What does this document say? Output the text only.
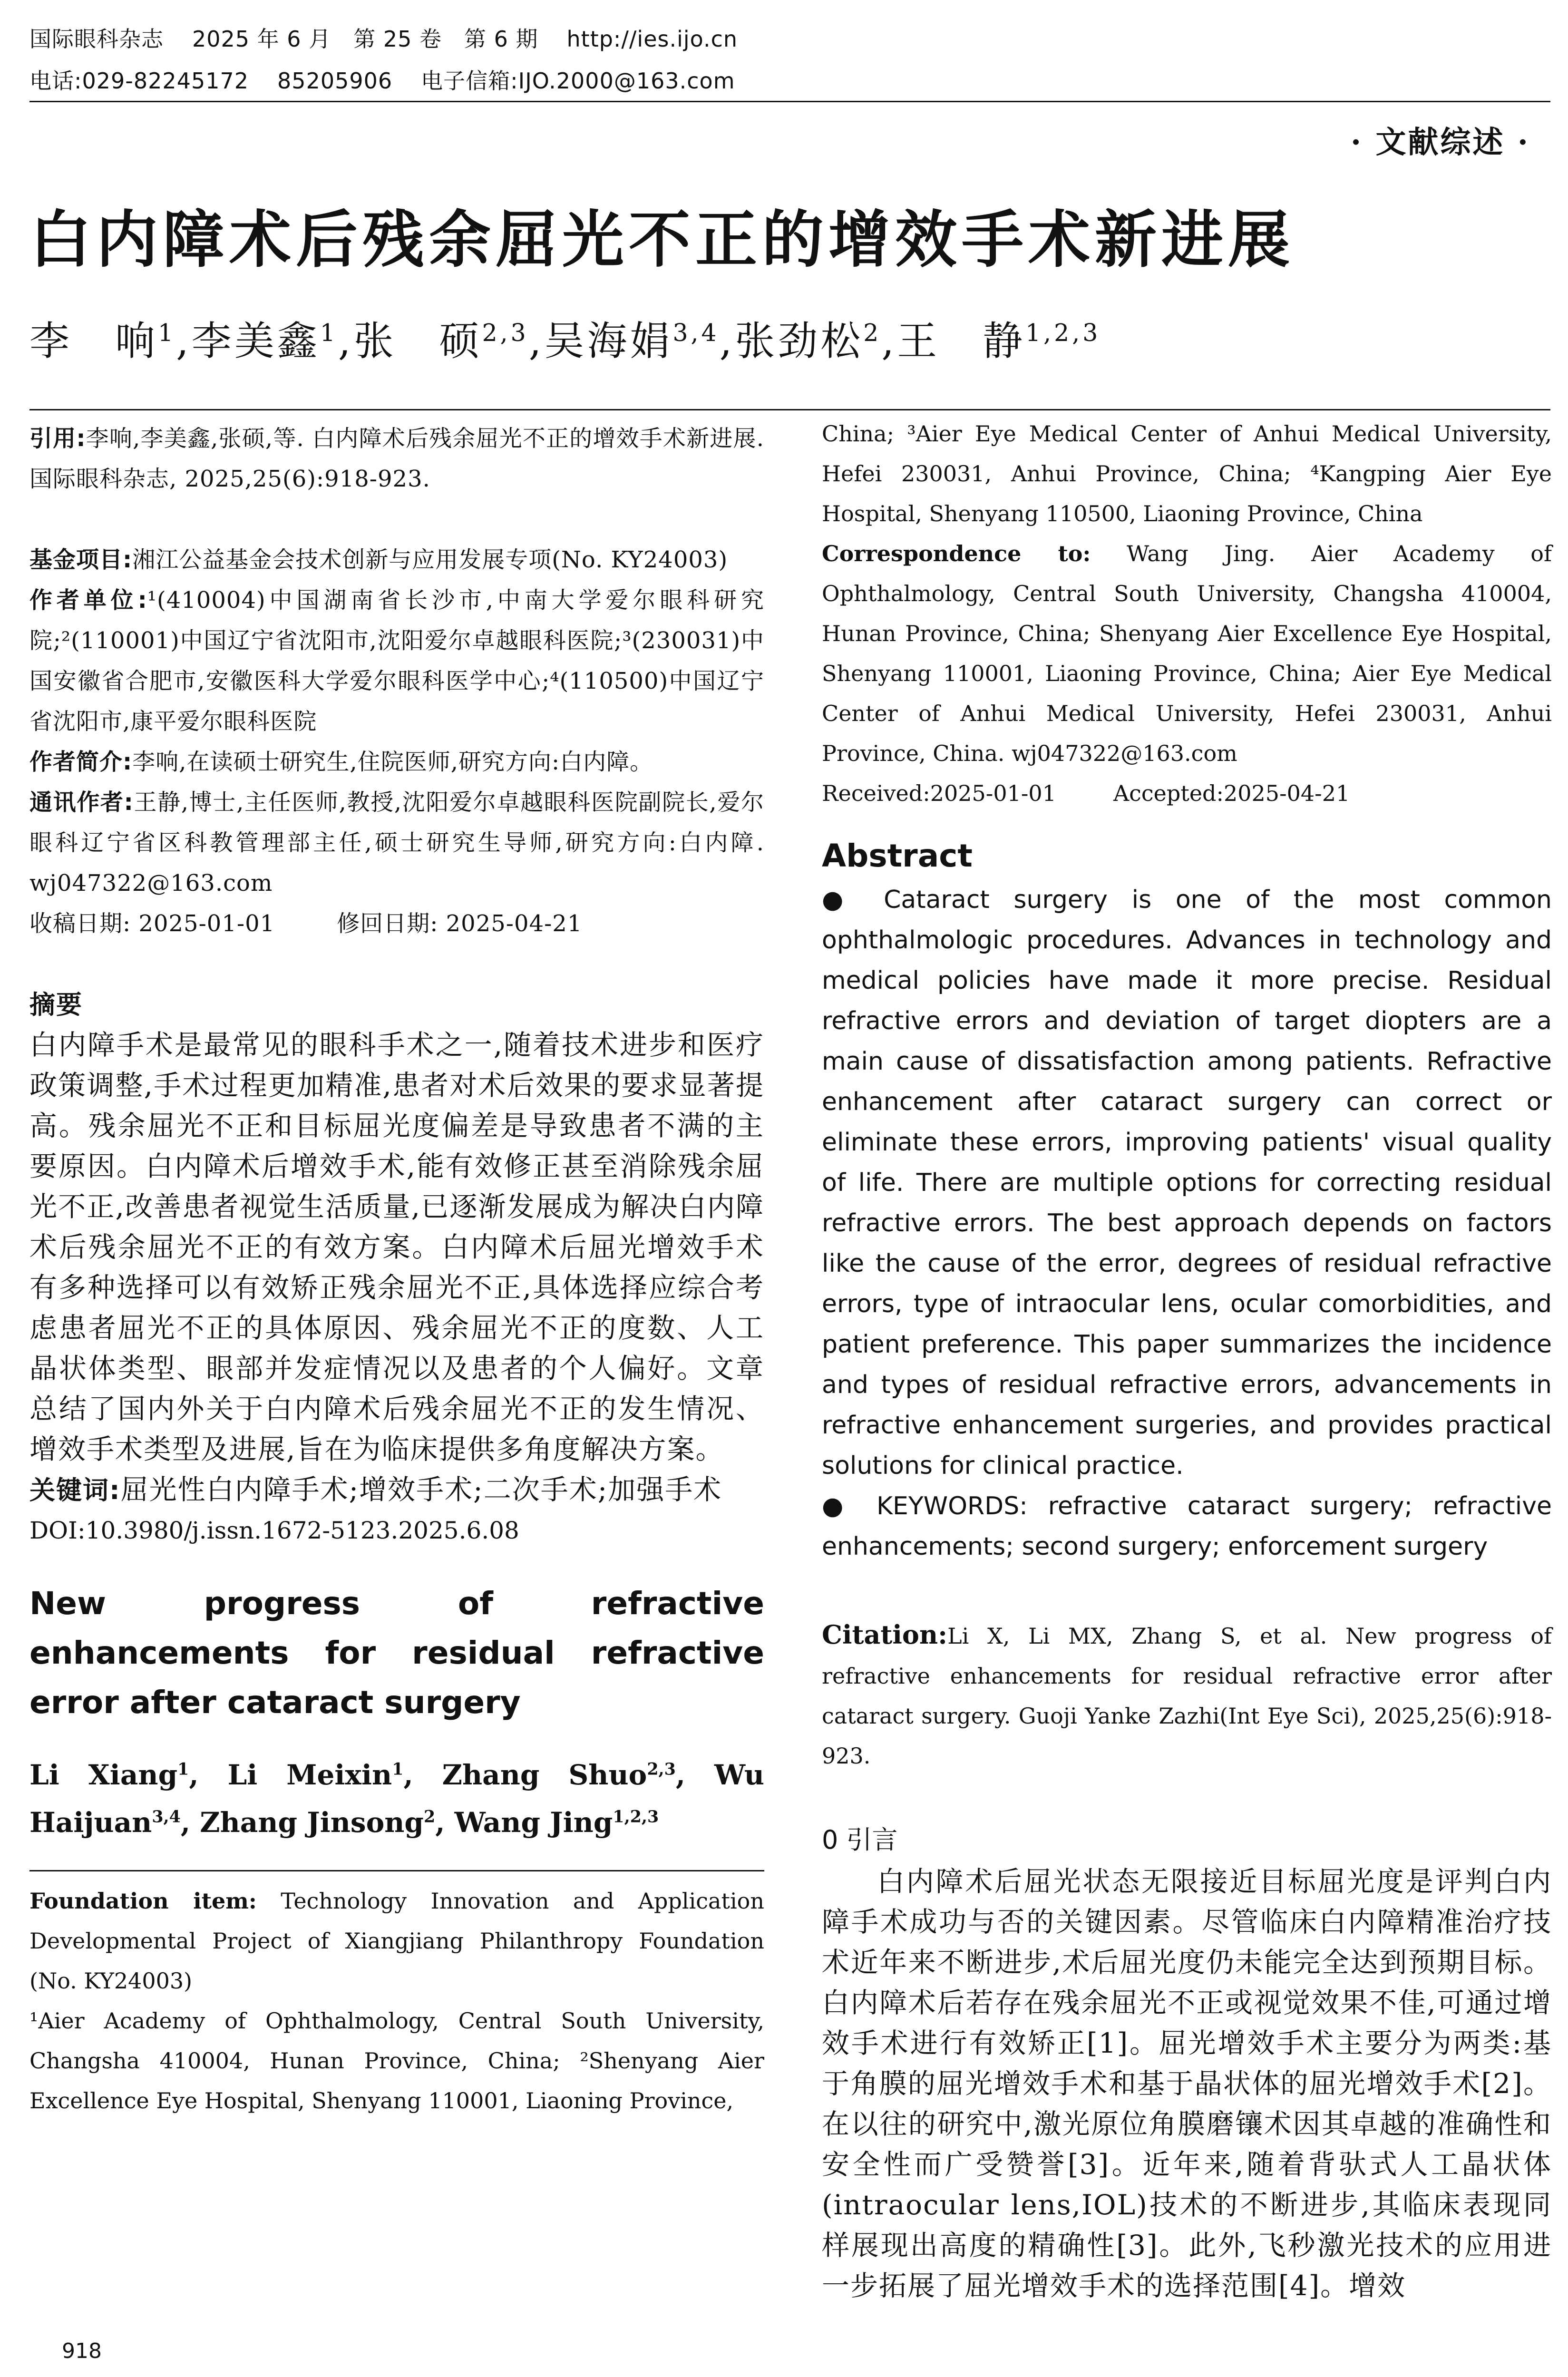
国际眼科杂志 2025 年 6 月　第 25 卷　第 6 期 http://ies.ijo.cn
电话:029-82245172 85205906 电子信箱:IJO.2000@163.com
· 文献综述 ·
白内障术后残余屈光不正的增效手术新进展
李　响$^1$,李美鑫$^1$,张　硕$^{2,3}$,吴海娟$^{3,4}$,张劲松$^2$,王　静$^{1,2,3}$

引用:李响,李美鑫,张硕,等. 白内障术后残余屈光不正的增效手术新进展. 国际眼科杂志, 2025,25(6):918-923.

基金项目:湘江公益基金会技术创新与应用发展专项(No. KY24003)

作者单位:¹(410004)中国湖南省长沙市,中南大学爱尔眼科研究院;²(110001)中国辽宁省沈阳市,沈阳爱尔卓越眼科医院;³(230031)中国安徽省合肥市,安徽医科大学爱尔眼科医学中心;⁴(110500)中国辽宁省沈阳市,康平爱尔眼科医院

作者简介:李响,在读硕士研究生,住院医师,研究方向:白内障。

通讯作者:王静,博士,主任医师,教授,沈阳爱尔卓越眼科医院副院长,爱尔眼科辽宁省区科教管理部主任,硕士研究生导师,研究方向:白内障. wj047322@163.com

收稿日期: 2025-01-01	修回日期: 2025-04-21

摘要

白内障手术是最常见的眼科手术之一,随着技术进步和医疗政策调整,手术过程更加精准,患者对术后效果的要求显著提高。残余屈光不正和目标屈光度偏差是导致患者不满的主要原因。白内障术后增效手术,能有效修正甚至消除残余屈光不正,改善患者视觉生活质量,已逐渐发展成为解决白内障术后残余屈光不正的有效方案。白内障术后屈光增效手术有多种选择可以有效矫正残余屈光不正,具体选择应综合考虑患者屈光不正的具体原因、残余屈光不正的度数、人工晶状体类型、眼部并发症情况以及患者的个人偏好。文章总结了国内外关于白内障术后残余屈光不正的发生情况、增效手术类型及进展,旨在为临床提供多角度解决方案。

关键词:屈光性白内障手术;增效手术;二次手术;加强手术

DOI:10.3980/j.issn.1672-5123.2025.6.08

New progress of refractive enhancements for residual refractive error after cataract surgery

Li Xiang$^1$, Li Meixin$^1$, Zhang Shuo$^{2,3}$, Wu Haijuan$^{3,4}$, Zhang Jinsong$^2$, Wang Jing$^{1,2,3}$

Foundation item: Technology Innovation and Application Developmental Project of Xiangjiang Philanthropy Foundation (No. KY24003)

¹Aier Academy of Ophthalmology, Central South University, Changsha 410004, Hunan Province, China; ²Shenyang Aier Excellence Eye Hospital, Shenyang 110001, Liaoning Province,

China; ³Aier Eye Medical Center of Anhui Medical University, Hefei 230031, Anhui Province, China; ⁴Kangping Aier Eye Hospital, Shenyang 110500, Liaoning Province, China

Correspondence to: Wang Jing. Aier Academy of Ophthalmology, Central South University, Changsha 410004, Hunan Province, China; Shenyang Aier Excellence Eye Hospital, Shenyang 110001, Liaoning Province, China; Aier Eye Medical Center of Anhui Medical University, Hefei 230031, Anhui Province, China. wj047322@163.com

Received:2025-01-01	Accepted:2025-04-21

Abstract

● Cataract surgery is one of the most common ophthalmologic procedures. Advances in technology and medical policies have made it more precise. Residual refractive errors and deviation of target diopters are a main cause of dissatisfaction among patients. Refractive enhancement after cataract surgery can correct or eliminate these errors, improving patients' visual quality of life. There are multiple options for correcting residual refractive errors. The best approach depends on factors like the cause of the error, degrees of residual refractive errors, type of intraocular lens, ocular comorbidities, and patient preference. This paper summarizes the incidence and types of residual refractive errors, advancements in refractive enhancement surgeries, and provides practical solutions for clinical practice.

● KEYWORDS: refractive cataract surgery; refractive enhancements; second surgery; enforcement surgery

Citation:Li X, Li MX, Zhang S, et al. New progress of refractive enhancements for residual refractive error after cataract surgery. Guoji Yanke Zazhi(Int Eye Sci), 2025,25(6):918-923.

0 引言

白内障术后屈光状态无限接近目标屈光度是评判白内障手术成功与否的关键因素。尽管临床白内障精准治疗技术近年来不断进步,术后屈光度仍未能完全达到预期目标。白内障术后若存在残余屈光不正或视觉效果不佳,可通过增效手术进行有效矫正[1]。屈光增效手术主要分为两类:基于角膜的屈光增效手术和基于晶状体的屈光增效手术[2]。在以往的研究中,激光原位角膜磨镶术因其卓越的准确性和安全性而广受赞誉[3]。近年来,随着背驮式人工晶状体(intraocular lens,IOL)技术的不断进步,其临床表现同样展现出高度的精确性[3]。此外,飞秒激光技术的应用进一步拓展了屈光增效手术的选择范围[4]。增效

918
